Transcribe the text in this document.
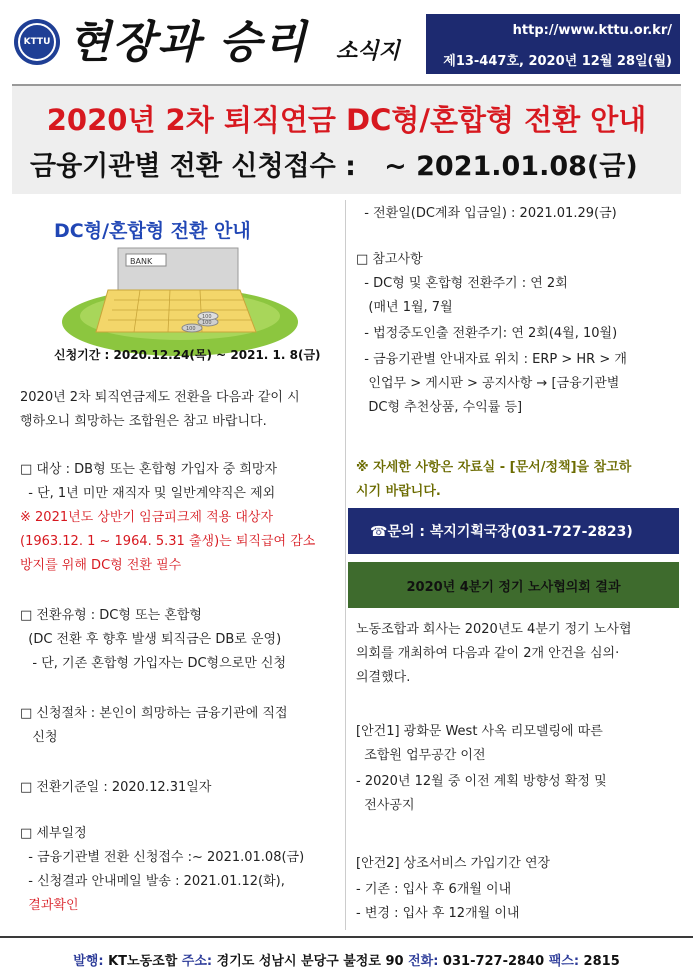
KTTU 현장과 승리 소식지
http://www.kttu.or.kr/
제13-447호, 2020년 12월 28일(월)
2020년 2차 퇴직연금 DC형/혼합형 전환 안내
금융기관별 전환 신청접수 :   ~ 2021.01.08(금)
BANK
100
100
100
DC형/혼합형 전환 안내
신청기간 : 2020.12.24(목) ~ 2021. 1. 8(금)
2020년 2차 퇴직연금제도 전환을 다음과 같이 시
행하오니 희망하는 조합원은 참고 바랍니다.
□ 대상 : DB형 또는 혼합형 가입자 중 희망자
- 단, 1년 미만 재직자 및 일반계약직은 제외
※ 2021년도 상반기 임금피크제 적용 대상자
(1963.12. 1 ~ 1964. 5.31 출생)는 퇴직급여 감소
방지를 위해 DC형 전환 필수
□ 전환유형 : DC형 또는 혼합형
(DC 전환 후 향후 발생 퇴직금은 DB로 운영)
- 단, 기존 혼합형 가입자는 DC형으로만 신청
□ 신청절차 : 본인이 희망하는 금융기관에 직접
신청
□ 전환기준일 : 2020.12.31일자
□ 세부일정
- 금융기관별 전환 신청접수 :~ 2021.01.08(금)
- 신청결과 안내메일 발송 : 2021.01.12(화),
결과확인
- 전환일(DC계좌 입금일) : 2021.01.29(금)
□ 참고사항
- DC형 및 혼합형 전환주기 : 연 2회
(매년 1월, 7월
- 법정중도인출 전환주기: 연 2회(4월, 10월)
- 금융기관별 안내자료 위치 : ERP > HR > 개
인업무 > 게시판 > 공지사항 → [금융기관별
DC형 추천상품, 수익률 등]
※ 자세한 사항은 자료실 - [문서/정책]을 참고하
시기 바랍니다.
☎문의 : 복지기획국장(031-727-2823)
2020년 4분기 정기 노사협의회 결과
노동조합과 회사는 2020년도 4분기 정기 노사협
의회를 개최하여 다음과 같이 2개 안건을 심의·
의결했다.
[안건1] 광화문 West 사옥 리모델링에 따른
조합원 업무공간 이전
- 2020년 12월 중 이전 계획 방향성 확정 및
전사공지
[안건2] 상조서비스 가입기간 연장
- 기존 : 입사 후 6개월 이내
- 변경 : 입사 후 12개월 이내
발행: KT노동조합 주소: 경기도 성남시 분당구 불정로 90 전화: 031-727-2840 팩스: 2815
